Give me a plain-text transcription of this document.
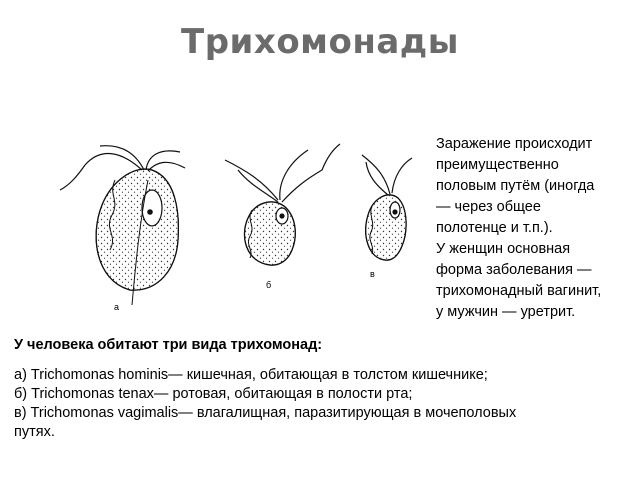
Трихомонады
а
б
в

Заражение происходит

преимущественно

половым путём (иногда

— через общее

полотенце и т.п.).

У женщин основная

форма заболевания —

трихомонадный вагинит,

у мужчин — уретрит.

У человека обитают три вида трихомонад:
а) Trichomonas hominis— кишечная, обитающая в толстом кишечнике;
б) Trichomonas tenax— ротовая, обитающая в полости рта;
в) Trichomonas vagimalis— влагалищная, паразитирующая в мочеполовых
путях.
